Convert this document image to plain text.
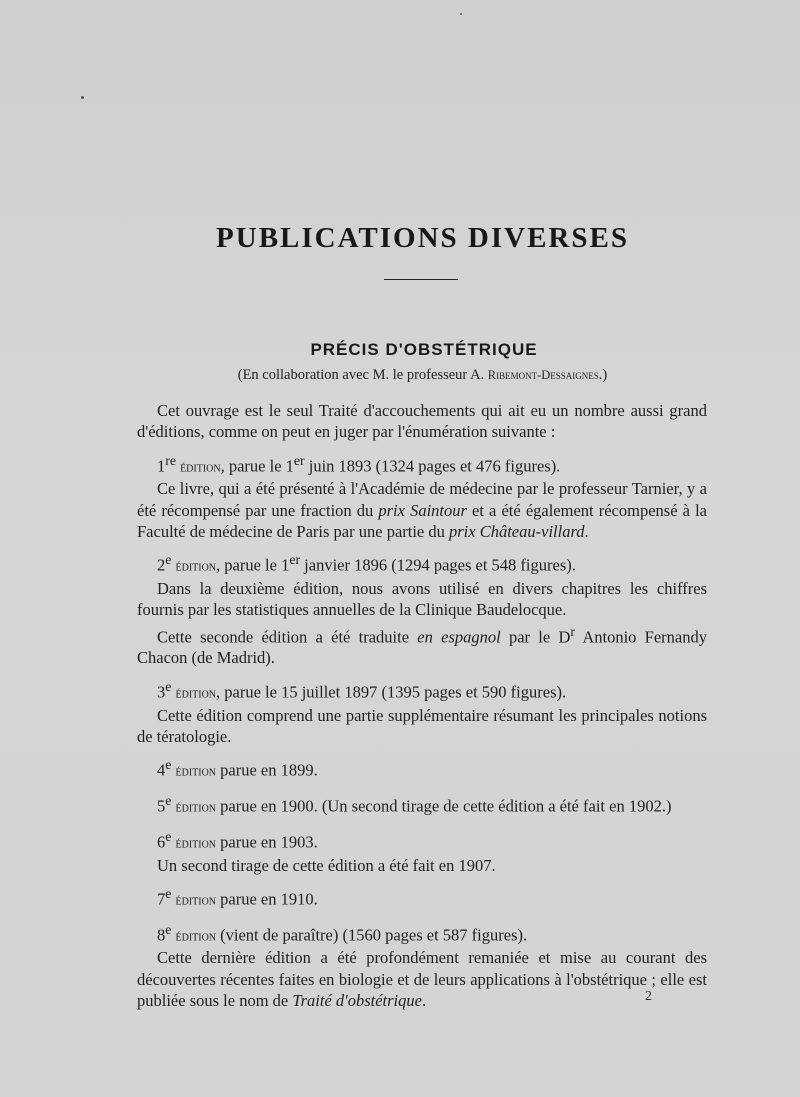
PUBLICATIONS DIVERSES
PRÉCIS D'OBSTÉTRIQUE
(En collaboration avec M. le professeur A. Ribemont-Dessaignes.)

Cet ouvrage est le seul Traité d'accouchements qui ait eu un nombre aussi grand d'éditions, comme on peut en juger par l'énumération suivante :

1re édition, parue le 1er juin 1893 (1324 pages et 476 figures).

Ce livre, qui a été présenté à l'Académie de médecine par le professeur Tarnier, y a été récompensé par une fraction du prix Saintour et a été également récompensé à la Faculté de médecine de Paris par une partie du prix Château-villard.

2e édition, parue le 1er janvier 1896 (1294 pages et 548 figures).

Dans la deuxième édition, nous avons utilisé en divers chapitres les chiffres fournis par les statistiques annuelles de la Clinique Baudelocque.

Cette seconde édition a été traduite en espagnol par le $D^r$ Antonio Fernandy Chacon (de Madrid).

3e édition, parue le 15 juillet 1897 (1395 pages et 590 figures).

Cette édition comprend une partie supplémentaire résumant les principales notions de tératologie.

4e édition parue en 1899.

5e édition parue en 1900. (Un second tirage de cette édition a été fait en 1902.)

6e édition parue en 1903.

Un second tirage de cette édition a été fait en 1907.

7e édition parue en 1910.

8e édition (vient de paraître) (1560 pages et 587 figures).

Cette dernière édition a été profondément remaniée et mise au courant des découvertes récentes faites en biologie et de leurs applications à l'obstétrique ; elle est publiée sous le nom de Traité d'obstétrique.	2
